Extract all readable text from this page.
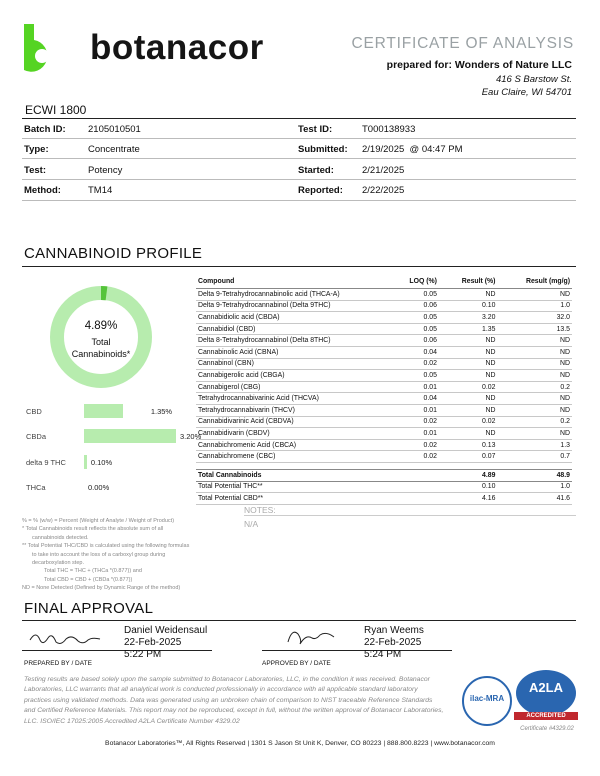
botanacor	CERTIFICATE OF ANALYSIS
prepared for: Wonders of Nature LLC
416 S Barstow St.
Eau Claire, WI 54701
ECWI 1800
Batch ID: 2105010501	Test ID:	T000138933
Type:	Concentrate	Submitted: 2/19/2025  @ 04:47 PM
Test:	Potency	Started:	2/21/2025
Method:	TM14	Reported: 2/22/2025
CANNABINOID PROFILE
4.89%
Total
Cannabinoids*
CBD	1.35%
CBDa	3.20%
delta 9 THC	0.10%
THCa	0.00%
Compound	LOQ (%)	Result (%)	Result (mg/g)
Delta 9-Tetrahydrocannabinolic acid (THCA-A)	0.05	ND	ND
Delta 9-Tetrahydrocannabinol (Delta 9THC)	0.06	0.10	1.0
Cannabidiolic acid (CBDA)	0.05	3.20	32.0
Cannabidiol (CBD)	0.05	1.35	13.5
Delta 8-Tetrahydrocannabinol (Delta 8THC)	0.06	ND	ND
Cannabinolic Acid (CBNA)	0.04	ND	ND
Cannabinol (CBN)	0.02	ND	ND
Cannabigerolic acid (CBGA)	0.05	ND	ND
Cannabigerol (CBG)	0.01	0.02	0.2
Tetrahydrocannabivarinic Acid (THCVA)	0.04	ND	ND
Tetrahydrocannabivarin (THCV)	0.01	ND	ND
Cannabidivarinic Acid (CBDVA)	0.02	0.02	0.2
Cannabidivarin (CBDV)	0.01	ND	ND
Cannabichromenic Acid (CBCA)	0.02	0.13	1.3
Cannabichromene (CBC)	0.02	0.07	0.7

Total Cannabinoids		4.89	48.9
Total Potential THC**		0.10	1.0
Total Potential CBD**		4.16	41.6
NOTES:
N/A
% = % (w/w) = Percent (Weight of Analyte / Weight of Product)
* Total Cannabinoids result reflects the absolute sum of all
cannabinoids detected.
** Total Potential THC/CBD is calculated using the following formulas
to take into account the loss of a carboxyl group during
decarboxylation step.
Total THC = THC + (THCa *(0.877)) and
Total CBD = CBD + (CBDa *(0.877))
ND = None Detected (Defined by Dynamic Range of the method)
FINAL APPROVAL
Daniel Weidensaul
22-Feb-2025
5:22 PM
PREPARED BY / DATE
Ryan Weems
22-Feb-2025
5:24 PM
APPROVED BY / DATE
Testing results are based solely upon the sample submitted to Botanacor Laboratories, LLC, in the condition it was received. Botanacor Laboratories, LLC warrants that all analytical work is conducted professionally in accordance with all applicable standard laboratory practices using validated methods. Data was generated using an unbroken chain of comparison to NIST traceable Reference Standards and Certified Reference Materials. This report may not be reproduced, except in full, without the written approval of Botanacor Laboratories, LLC. ISO/IEC 17025:2005 Accredited A2LA Certificate Number 4329.02
ilac-MRA
A2LA
ACCREDITED
Certificate #4329.02
Botanacor Laboratories™, All Rights Reserved | 1301 S Jason St Unit K, Denver, CO 80223 | 888.800.8223 | www.botanacor.com
